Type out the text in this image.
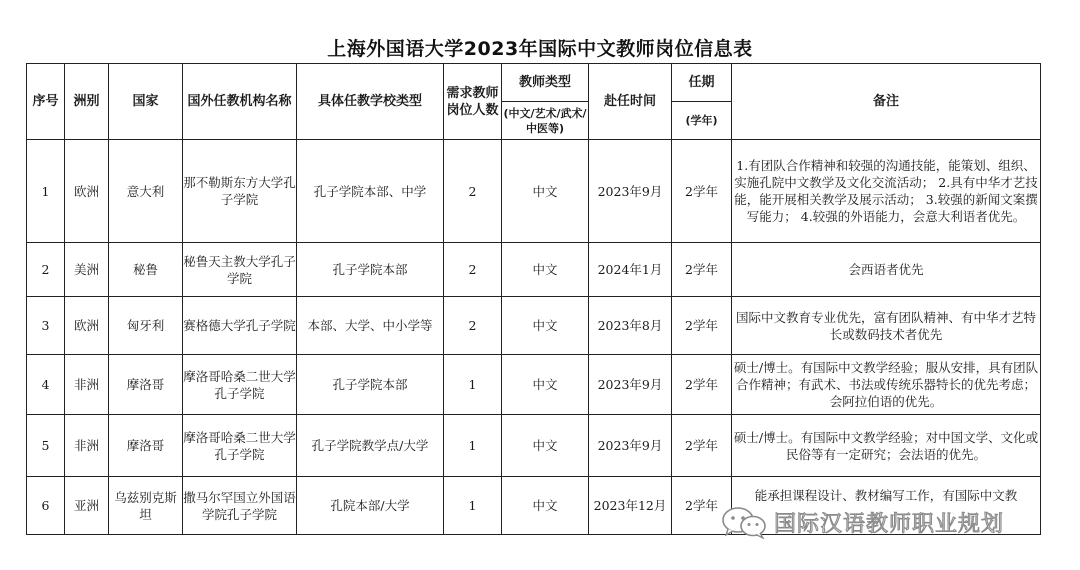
上海外国语大学2023年国际中文教师岗位信息表
序号	洲别	国家	国外任教机构名称	具体任教学校类型	需求教师岗位人数	教师类型	赴任时间	任期	备注
						(中文/艺术/武术/中医等)		(学年)	
1	欧洲	意大利	那不勒斯东方大学孔子学院	孔子学院本部、中学	2	中文	2023年9月	2学年	1.有团队合作精神和较强的沟通技能，能策划、组织、实施孔院中文教学及文化交流活动； 2.具有中华才艺技能，能开展相关教学及展示活动； 3.较强的新闻文案撰写能力； 4.较强的外语能力，会意大利语者优先。
2	美洲	秘鲁	秘鲁天主教大学孔子学院	孔子学院本部	2	中文	2024年1月	2学年	会西语者优先
3	欧洲	匈牙利	赛格德大学孔子学院	本部、大学、中小学等	2	中文	2023年8月	2学年	国际中文教育专业优先，富有团队精神、有中华才艺特长或数码技术者优先
4	非洲	摩洛哥	摩洛哥哈桑二世大学孔子学院	孔子学院本部	1	中文	2023年9月	2学年	硕士/博士。有国际中文教学经验；服从安排，具有团队合作精神；有武术、书法或传统乐器特长的优先考虑；会阿拉伯语的优先。
5	非洲	摩洛哥	摩洛哥哈桑二世大学孔子学院	孔子学院教学点/大学	1	中文	2023年9月	2学年	硕士/博士。有国际中文教学经验；对中国文学、文化或民俗等有一定研究；会法语的优先。
6	亚洲	乌兹别克斯坦	撒马尔罕国立外国语学院孔子学院	孔院本部/大学	1	中文	2023年12月	2学年	能承担课程设计、教材编写工作，有国际中文教
国际汉语教师职业规划
